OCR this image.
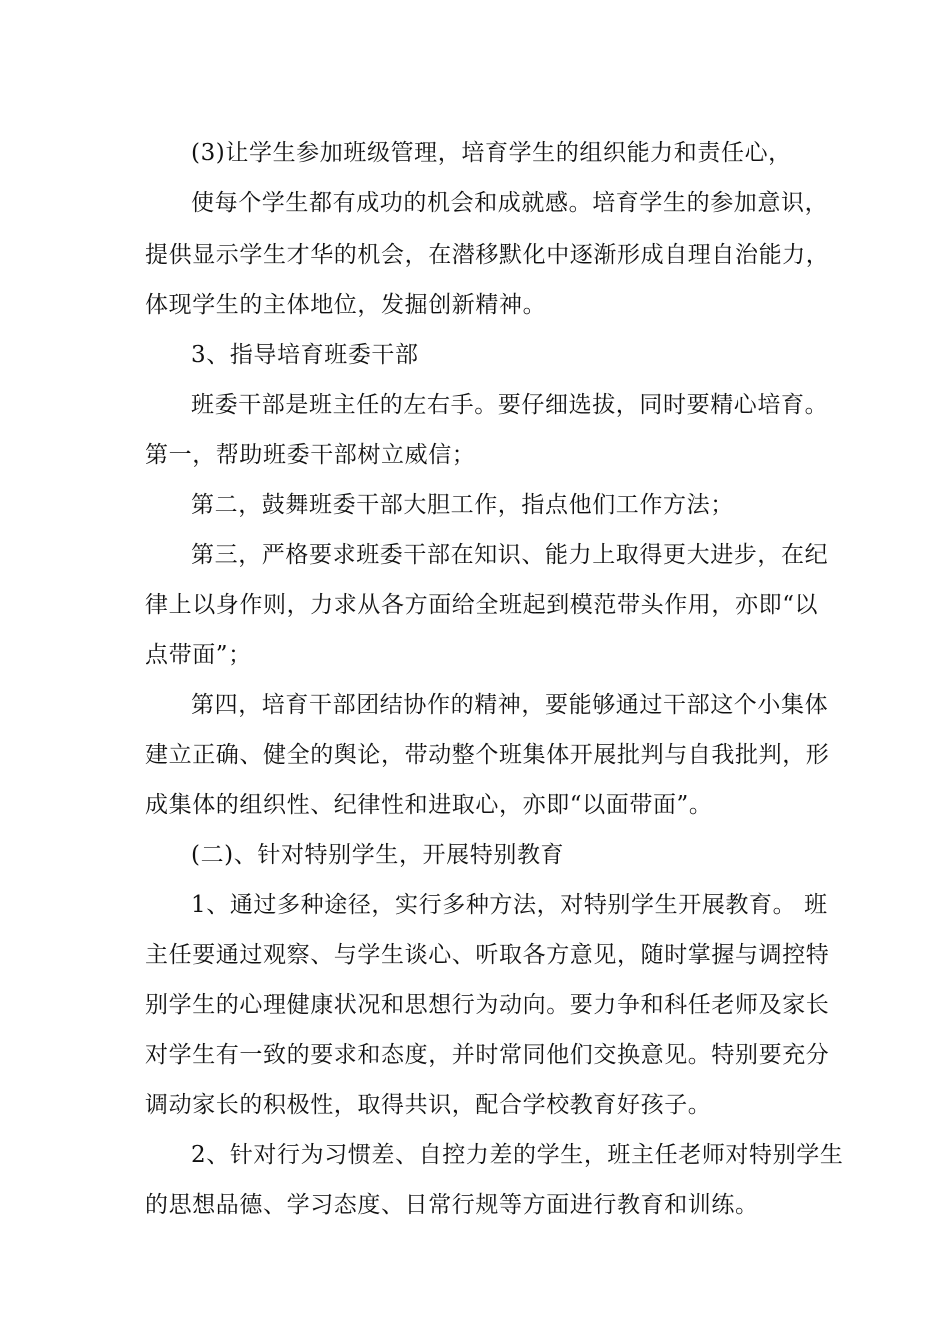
(3)让学生参加班级管理，培育学生的组织能力和责任心，
使每个学生都有成功的机会和成就感。培育学生的参加意识，
提供显示学生才华的机会，在潜移默化中逐渐形成自理自治能力，
体现学生的主体地位，发掘创新精神。
3、指导培育班委干部
班委干部是班主任的左右手。要仔细选拔，同时要精心培育。
第一，帮助班委干部树立威信；
第二，鼓舞班委干部大胆工作，指点他们工作方法；
第三，严格要求班委干部在知识、能力上取得更大进步，在纪
律上以身作则，力求从各方面给全班起到模范带头作用，亦即“以
点带面”；
第四，培育干部团结协作的精神，要能够通过干部这个小集体
建立正确、健全的舆论，带动整个班集体开展批判与自我批判，形
成集体的组织性、纪律性和进取心，亦即“以面带面”。
(二)、针对特别学生，开展特别教育
1、通过多种途径，实行多种方法，对特别学生开展教育。 班
主任要通过观察、与学生谈心、听取各方意见，随时掌握与调控特
别学生的心理健康状况和思想行为动向。要力争和科任老师及家长
对学生有一致的要求和态度，并时常同他们交换意见。特别要充分
调动家长的积极性，取得共识，配合学校教育好孩子。
2、针对行为习惯差、自控力差的学生，班主任老师对特别学生
的思想品德、学习态度、日常行规等方面进行教育和训练。
